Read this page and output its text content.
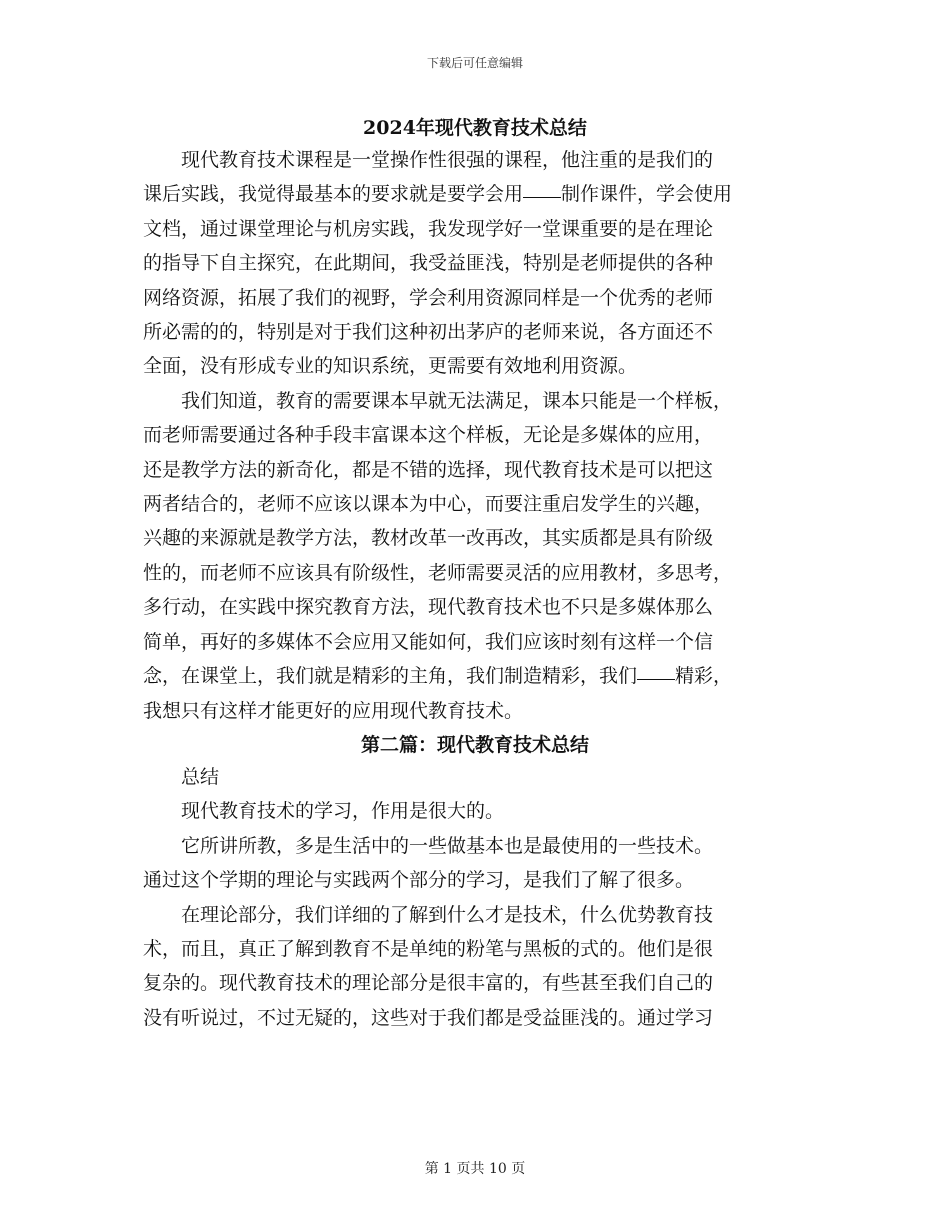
下载后可任意编辑
2024年现代教育技术总结
现代教育技术课程是一堂操作性很强的课程，他注重的是我们的
课后实践，我觉得最基本的要求就是要学会用 制作课件，学会使用
文档，通过课堂理论与机房实践，我发现学好一堂课重要的是在理论
的指导下自主探究，在此期间，我受益匪浅，特别是老师提供的各种
网络资源，拓展了我们的视野，学会利用资源同样是一个优秀的老师
所必需的的，特别是对于我们这种初出茅庐的老师来说，各方面还不
全面，没有形成专业的知识系统，更需要有效地利用资源。
我们知道，教育的需要课本早就无法满足，课本只能是一个样板，
而老师需要通过各种手段丰富课本这个样板，无论是多媒体的应用，
还是教学方法的新奇化，都是不错的选择，现代教育技术是可以把这
两者结合的，老师不应该以课本为中心，而要注重启发学生的兴趣，
兴趣的来源就是教学方法，教材改革一改再改，其实质都是具有阶级
性的，而老师不应该具有阶级性，老师需要灵活的应用教材，多思考，
多行动，在实践中探究教育方法，现代教育技术也不只是多媒体那么
简单，再好的多媒体不会应用又能如何，我们应该时刻有这样一个信
念，在课堂上，我们就是精彩的主角，我们制造精彩，我们 精彩，
我想只有这样才能更好的应用现代教育技术。
第二篇：现代教育技术总结
总结
现代教育技术的学习，作用是很大的。
它所讲所教，多是生活中的一些做基本也是最使用的一些技术。
通过这个学期的理论与实践两个部分的学习，是我们了解了很多。
在理论部分，我们详细的了解到什么才是技术，什么优势教育技
术，而且，真正了解到教育不是单纯的粉笔与黑板的式的。他们是很
复杂的。现代教育技术的理论部分是很丰富的，有些甚至我们自己的
没有听说过，不过无疑的，这些对于我们都是受益匪浅的。通过学习
第 1 页共 10 页
